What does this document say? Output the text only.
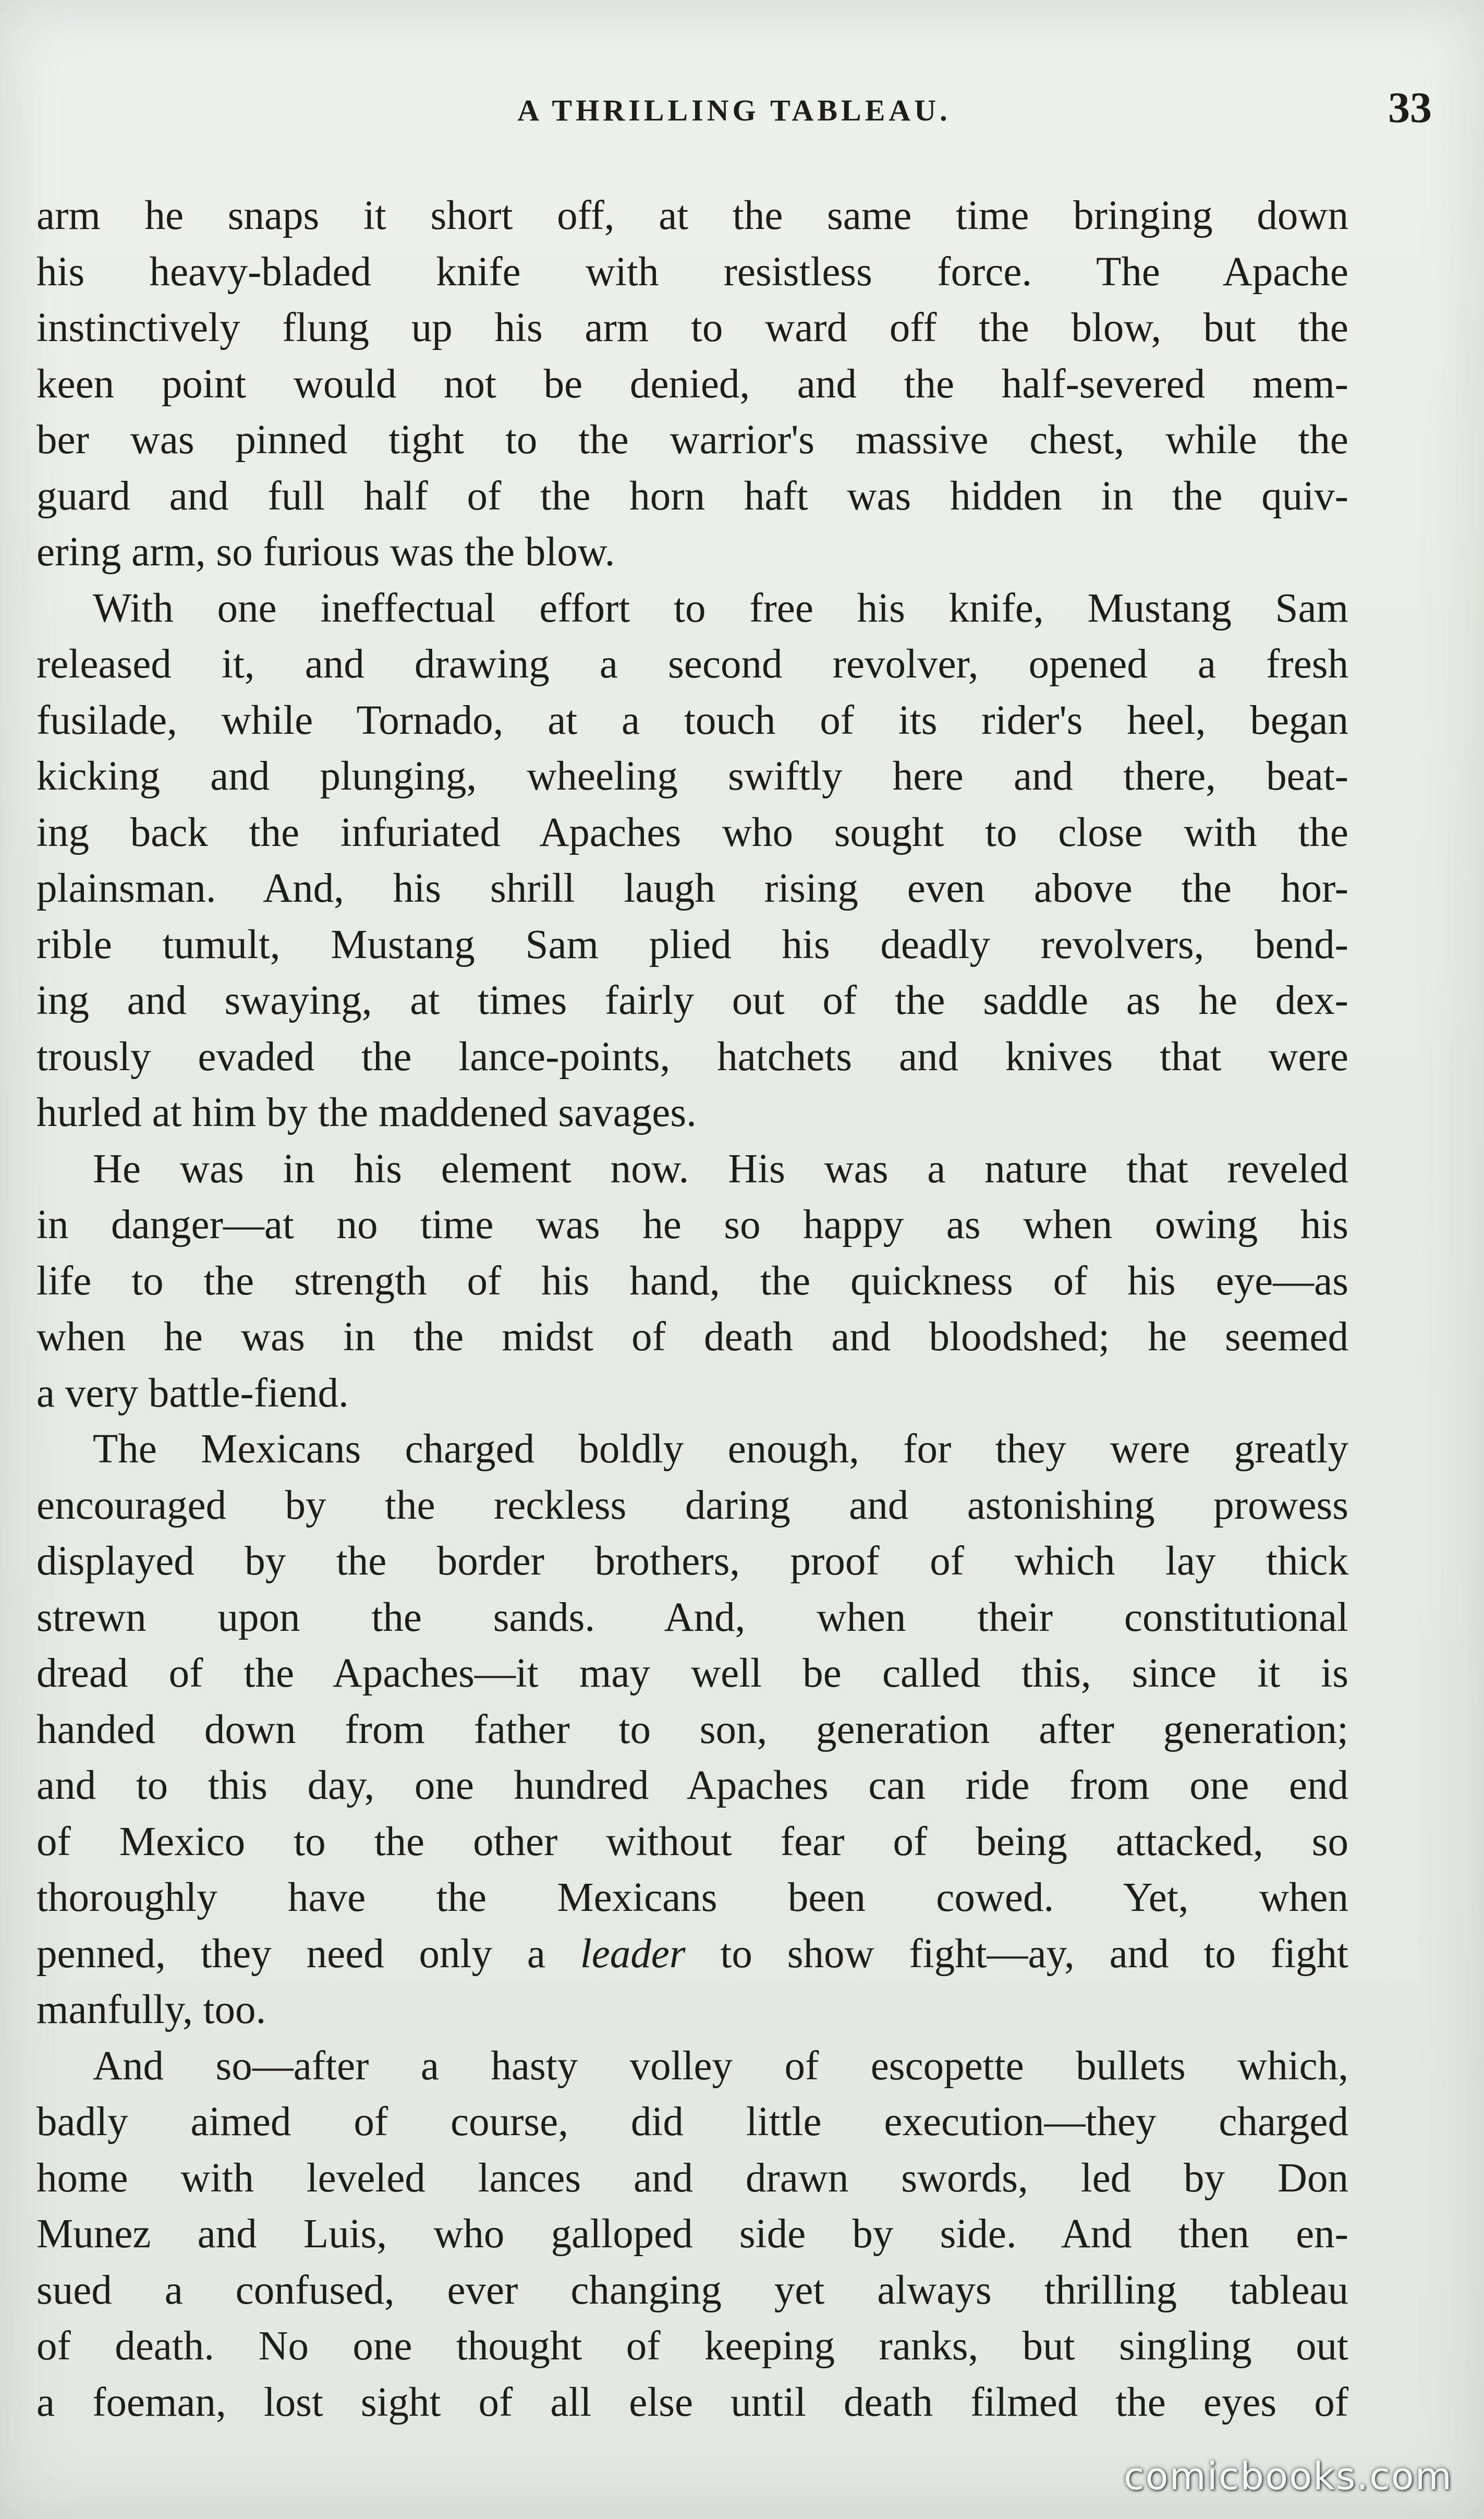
A THRILLING TABLEAU.	33
arm he snaps it short off, at the same time bringing down
his heavy-bladed knife with resistless force. The Apache
instinctively flung up his arm to ward off the blow, but the
keen point would not be denied, and the half-severed mem-
ber was pinned tight to the warrior's massive chest, while the
guard and full half of the horn haft was hidden in the quiv-
ering arm, so furious was the blow.
With one ineffectual effort to free his knife, Mustang Sam
released it, and drawing a second revolver, opened a fresh
fusilade, while Tornado, at a touch of its rider's heel, began
kicking and plunging, wheeling swiftly here and there, beat-
ing back the infuriated Apaches who sought to close with the
plainsman. And, his shrill laugh rising even above the hor-
rible tumult, Mustang Sam plied his deadly revolvers, bend-
ing and swaying, at times fairly out of the saddle as he dex-
trously evaded the lance-points, hatchets and knives that were
hurled at him by the maddened savages.
He was in his element now. His was a nature that reveled
in danger—at no time was he so happy as when owing his
life to the strength of his hand, the quickness of his eye—as
when he was in the midst of death and bloodshed; he seemed
a very battle-fiend.
The Mexicans charged boldly enough, for they were greatly
encouraged by the reckless daring and astonishing prowess
displayed by the border brothers, proof of which lay thick
strewn upon the sands. And, when their constitutional
dread of the Apaches—it may well be called this, since it is
handed down from father to son, generation after generation;
and to this day, one hundred Apaches can ride from one end
of Mexico to the other without fear of being attacked, so
thoroughly have the Mexicans been cowed. Yet, when
penned, they need only a leader to show fight—ay, and to fight
manfully, too.
And so—after a hasty volley of escopette bullets which,
badly aimed of course, did little execution—they charged
home with leveled lances and drawn swords, led by Don
Munez and Luis, who galloped side by side. And then en-
sued a confused, ever changing yet always thrilling tableau
of death. No one thought of keeping ranks, but singling out
a foeman, lost sight of all else until death filmed the eyes of
comicbooks.com
